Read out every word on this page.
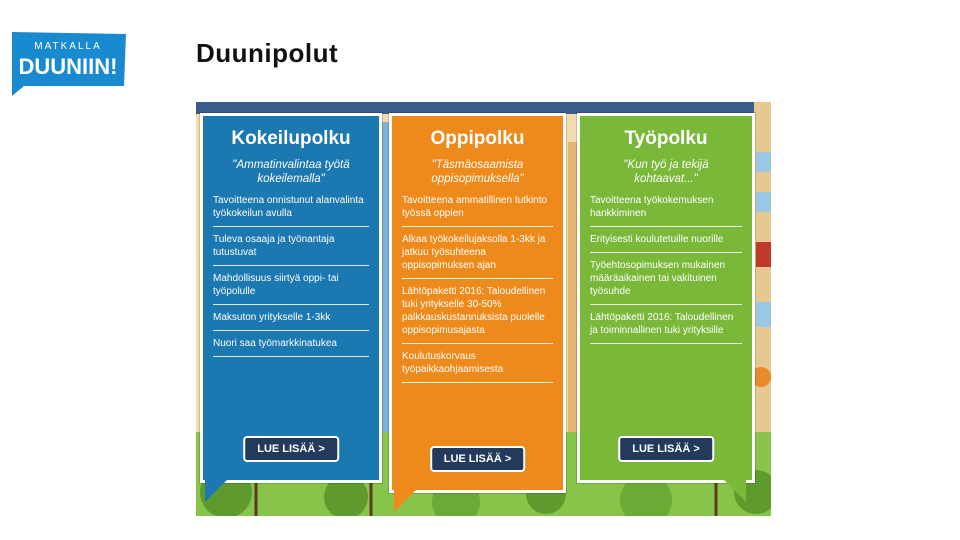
MATKALLA
DUUNIIN!	Duunipolut
Kokeilupolku
"Ammatinvalintaa työtä kokeilemalla"
Tavoitteena onnistunut alanvalinta työkokeilun avulla
Tuleva osaaja ja työnantaja tutustuvat
Mahdollisuus siirtyä oppi- tai työpolulle
Maksuton yritykselle 1-3kk
Nuori saa työmarkkinatukea
LUE LISÄÄ >
Oppipolku
"Täsmäosaamista oppisopimuksella"
Tavoitteena ammatillinen tutkinto työssä oppien
Alkaa työkokeilujaksolla 1-3kk ja jatkuu työsuhteena oppisopimuksen ajan
Lähtöpaketti 2016: Taloudellinen tuki yritykselle 30-50% palkkauskustannuksista puolelle oppisopimusajasta
Koulutuskorvaus työpaikkaohjaamisesta
LUE LISÄÄ >
Työpolku
"Kun työ ja tekijä kohtaavat..."
Tavoitteena työkokemuksen hankkiminen
Erityisesti koulutetuille nuorille
Työehtosopimuksen mukainen määräaikainen tai vakituinen työsuhde
Lähtöpaketti 2016: Taloudellinen ja toiminnallinen tuki yrityksille
LUE LISÄÄ >
